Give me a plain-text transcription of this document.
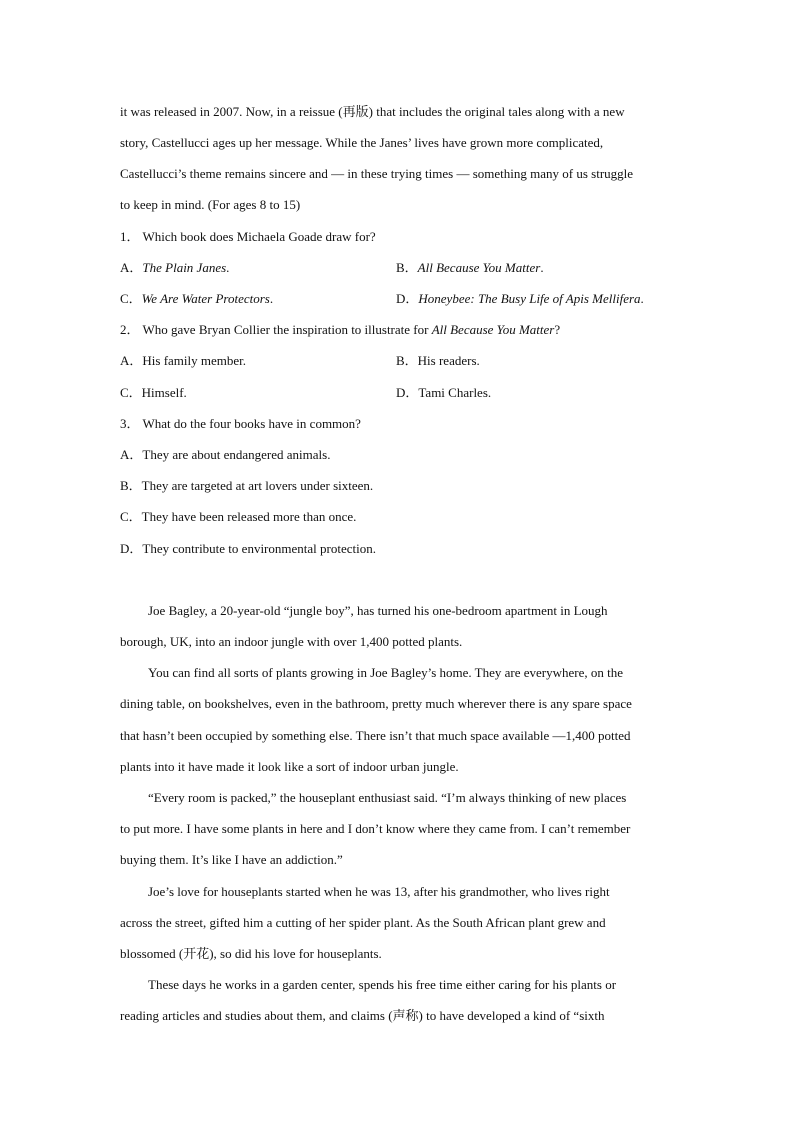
it was released in 2007. Now, in a reissue (再版) that includes the original tales along with a new
story, Castellucci ages up her message. While the Janes’ lives have grown more complicated,
Castellucci’s theme remains sincere and — in these trying times — something many of us struggle
to keep in mind. (For ages 8 to 15)
1． Which book does Michaela Goade draw for?
A．The Plain Janes.	B．All Because You Matter.
C．We Are Water Protectors.	D．Honeybee: The Busy Life of Apis Mellifera.
2． Who gave Bryan Collier the inspiration to illustrate for All Because You Matter?
A．His family member.	B．His readers.
C．Himself.	D．Tami Charles.
3． What do the four books have in common?
A．They are about endangered animals.
B．They are targeted at art lovers under sixteen.
C．They have been released more than once.
D．They contribute to environmental protection.
Joe Bagley, a 20-year-old “jungle boy”, has turned his one-bedroom apartment in Lough
borough, UK, into an indoor jungle with over 1,400 potted plants.
You can find all sorts of plants growing in Joe Bagley’s home. They are everywhere, on the
dining table, on bookshelves, even in the bathroom, pretty much wherever there is any spare space
that hasn’t been occupied by something else. There isn’t that much space available —1,400 potted
plants into it have made it look like a sort of indoor urban jungle.
“Every room is packed,” the houseplant enthusiast said. “I’m always thinking of new places
to put more. I have some plants in here and I don’t know where they came from. I can’t remember
buying them. It’s like I have an addiction.”
Joe’s love for houseplants started when he was 13, after his grandmother, who lives right
across the street, gifted him a cutting of her spider plant. As the South African plant grew and
blossomed (开花), so did his love for houseplants.
These days he works in a garden center, spends his free time either caring for his plants or
reading articles and studies about them, and claims (声称) to have developed a kind of “sixth
